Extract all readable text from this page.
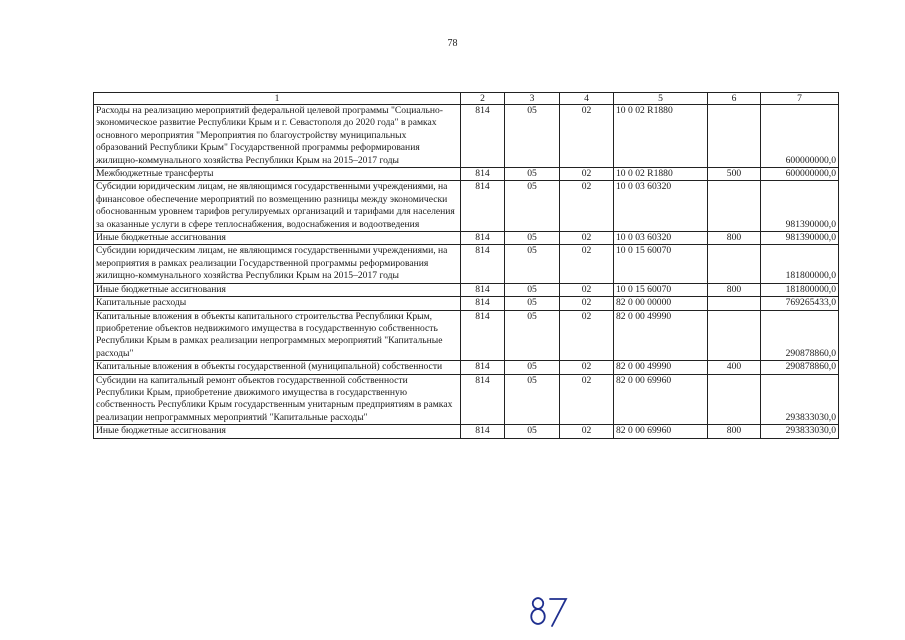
78
1	2	3	4	5	6	7
Расходы на реализацию мероприятий федеральной целевой программы "Социально-экономическое развитие Республики Крым и г. Севастополя до 2020 года" в рамках основного мероприятия "Мероприятия по благоустройству муниципальных образований Республики Крым" Государственной программы реформирования жилищно-коммунального хозяйства Республики Крым на 2015–2017 годы	814	05	02	10 0 02 R1880		600000000,0
Межбюджетные трансферты	814	05	02	10 0 02 R1880	500	600000000,0
Субсидии юридическим лицам, не являющимся государственными учреждениями, на финансовое обеспечение мероприятий по возмещению разницы между экономически обоснованным уровнем тарифов регулируемых организаций и тарифами для населения за оказанные услуги в сфере теплоснабжения, водоснабжения и водоотведения	814	05	02	10 0 03 60320		981390000,0
Иные бюджетные ассигнования	814	05	02	10 0 03 60320	800	981390000,0
Субсидии юридическим лицам, не являющимся государственными учреждениями, на мероприятия в рамках реализации Государственной программы реформирования жилищно-коммунального хозяйства Республики Крым на 2015–2017 годы	814	05	02	10 0 15 60070		181800000,0
Иные бюджетные ассигнования	814	05	02	10 0 15 60070	800	181800000,0
Капитальные расходы	814	05	02	82 0 00 00000		769265433,0
Капитальные вложения в объекты капитального строительства Республики Крым, приобретение объектов недвижимого имущества в государственную собственность Республики Крым в рамках реализации непрограммных мероприятий "Капитальные расходы"	814	05	02	82 0 00 49990		290878860,0
Капитальные вложения в объекты государственной (муниципальной) собственности	814	05	02	82 0 00 49990	400	290878860,0
Субсидии на капитальный ремонт объектов государственной собственности Республики Крым, приобретение движимого имущества в государственную собственность Республики Крым государственным унитарным предприятиям в рамках реализации непрограммных мероприятий "Капитальные расходы"	814	05	02	82 0 00 69960		293833030,0
Иные бюджетные ассигнования	814	05	02	82 0 00 69960	800	293833030,0
